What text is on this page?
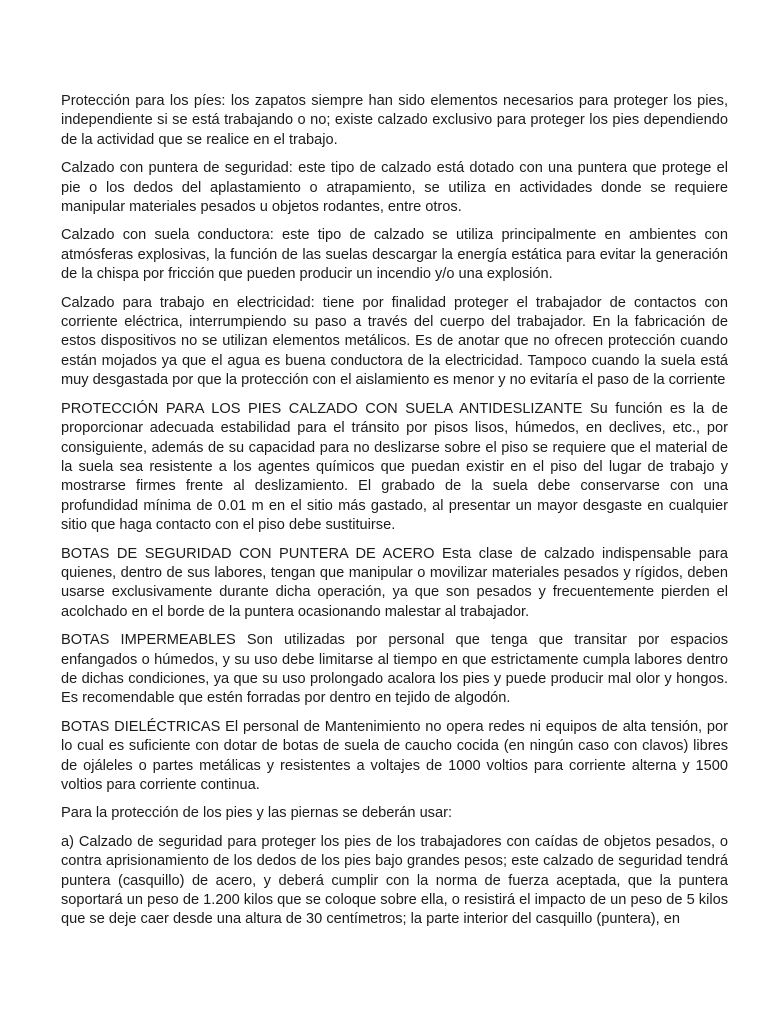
Protección para los píes: los zapatos siempre han sido elementos necesarios para proteger los pies, independiente si se está trabajando o no; existe calzado exclusivo para proteger los pies dependiendo de la actividad que se realice en el trabajo.

Calzado con puntera de seguridad: este tipo de calzado está dotado con una puntera que protege el pie o los dedos del aplastamiento o atrapamiento, se utiliza en actividades donde se requiere manipular materiales pesados u objetos rodantes, entre otros.

Calzado con suela conductora: este tipo de calzado se utiliza principalmente en ambientes con atmósferas explosivas, la función de las suelas descargar la energía estática para evitar la generación de la chispa por fricción que pueden producir un incendio y/o una explosión.

Calzado para trabajo en electricidad: tiene por finalidad proteger el trabajador de contactos con corriente eléctrica, interrumpiendo su paso a través del cuerpo del trabajador. En la fabricación de estos dispositivos no se utilizan elementos metálicos. Es de anotar que no ofrecen protección cuando están mojados ya que el agua es buena conductora de la electricidad. Tampoco cuando la suela está muy desgastada por que la protección con el aislamiento es menor y no evitaría el paso de la corriente

PROTECCIÓN PARA LOS PIES CALZADO CON SUELA ANTIDESLIZANTE Su función es la de proporcionar adecuada estabilidad para el tránsito por pisos lisos, húmedos, en declives, etc., por consiguiente, además de su capacidad para no deslizarse sobre el piso se requiere que el material de la suela sea resistente a los agentes químicos que puedan existir en el piso del lugar de trabajo y mostrarse firmes frente al deslizamiento. El grabado de la suela debe conservarse con una profundidad mínima de 0.01 m en el sitio más gastado, al presentar un mayor desgaste en cualquier sitio que haga contacto con el piso debe sustituirse.

BOTAS DE SEGURIDAD CON PUNTERA DE ACERO Esta clase de calzado indispensable para quienes, dentro de sus labores, tengan que manipular o movilizar materiales pesados y rígidos, deben usarse exclusivamente durante dicha operación, ya que son pesados y frecuentemente pierden el acolchado en el borde de la puntera ocasionando malestar al trabajador.

BOTAS IMPERMEABLES Son utilizadas por personal que tenga que transitar por espacios enfangados o húmedos, y su uso debe limitarse al tiempo en que estrictamente cumpla labores dentro de dichas condiciones, ya que su uso prolongado acalora los pies y puede producir mal olor y hongos. Es recomendable que estén forradas por dentro en tejido de algodón.

BOTAS DIELÉCTRICAS El personal de Mantenimiento no opera redes ni equipos de alta tensión, por lo cual es suficiente con dotar de botas de suela de caucho cocida (en ningún caso con clavos) libres de ojáleles o partes metálicas y resistentes a voltajes de 1000 voltios para corriente alterna y 1500 voltios para corriente continua.

Para la protección de los pies y las piernas se deberán usar:

a) Calzado de seguridad para proteger los pies de los trabajadores con caídas de objetos pesados, o contra aprisionamiento de los dedos de los pies bajo grandes pesos; este calzado de seguridad tendrá puntera (casquillo) de acero, y deberá cumplir con la norma de fuerza aceptada, que la puntera soportará un peso de 1.200 kilos que se coloque sobre ella, o resistirá el impacto de un peso de 5 kilos que se deje caer desde una altura de 30 centímetros; la parte interior del casquillo (puntera), en
